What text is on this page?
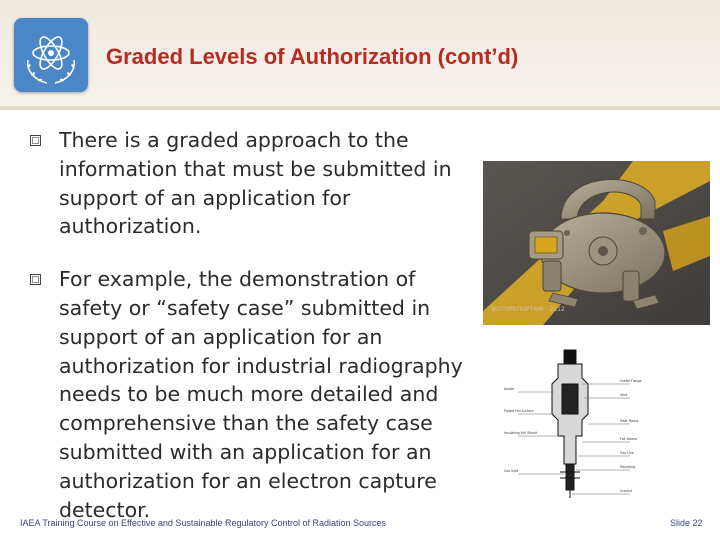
Graded Levels of Authorization (cont’d)
There is a graded approach to the information that must be submitted in support of an application for authorization.
For example, the demonstration of safety or “safety case” submitted in support of an application for an authorization for industrial radiography needs to be much more detailed and comprehensive than the safety case submitted with an application for an authorization for an electron capture detector.
ФОТОРЕПОРТАЖ · 2012
Anode
Plated Foil Surface
Insulating Foil Shield
Gas Inlet
Outlet Flange
Vent
Heat Piping
Foil Sleeve
Gas Line
Mounting
Ground
IAEA Training Course on Effective and Sustainable Regulatory Control of Radiation Sources	Slide 22
